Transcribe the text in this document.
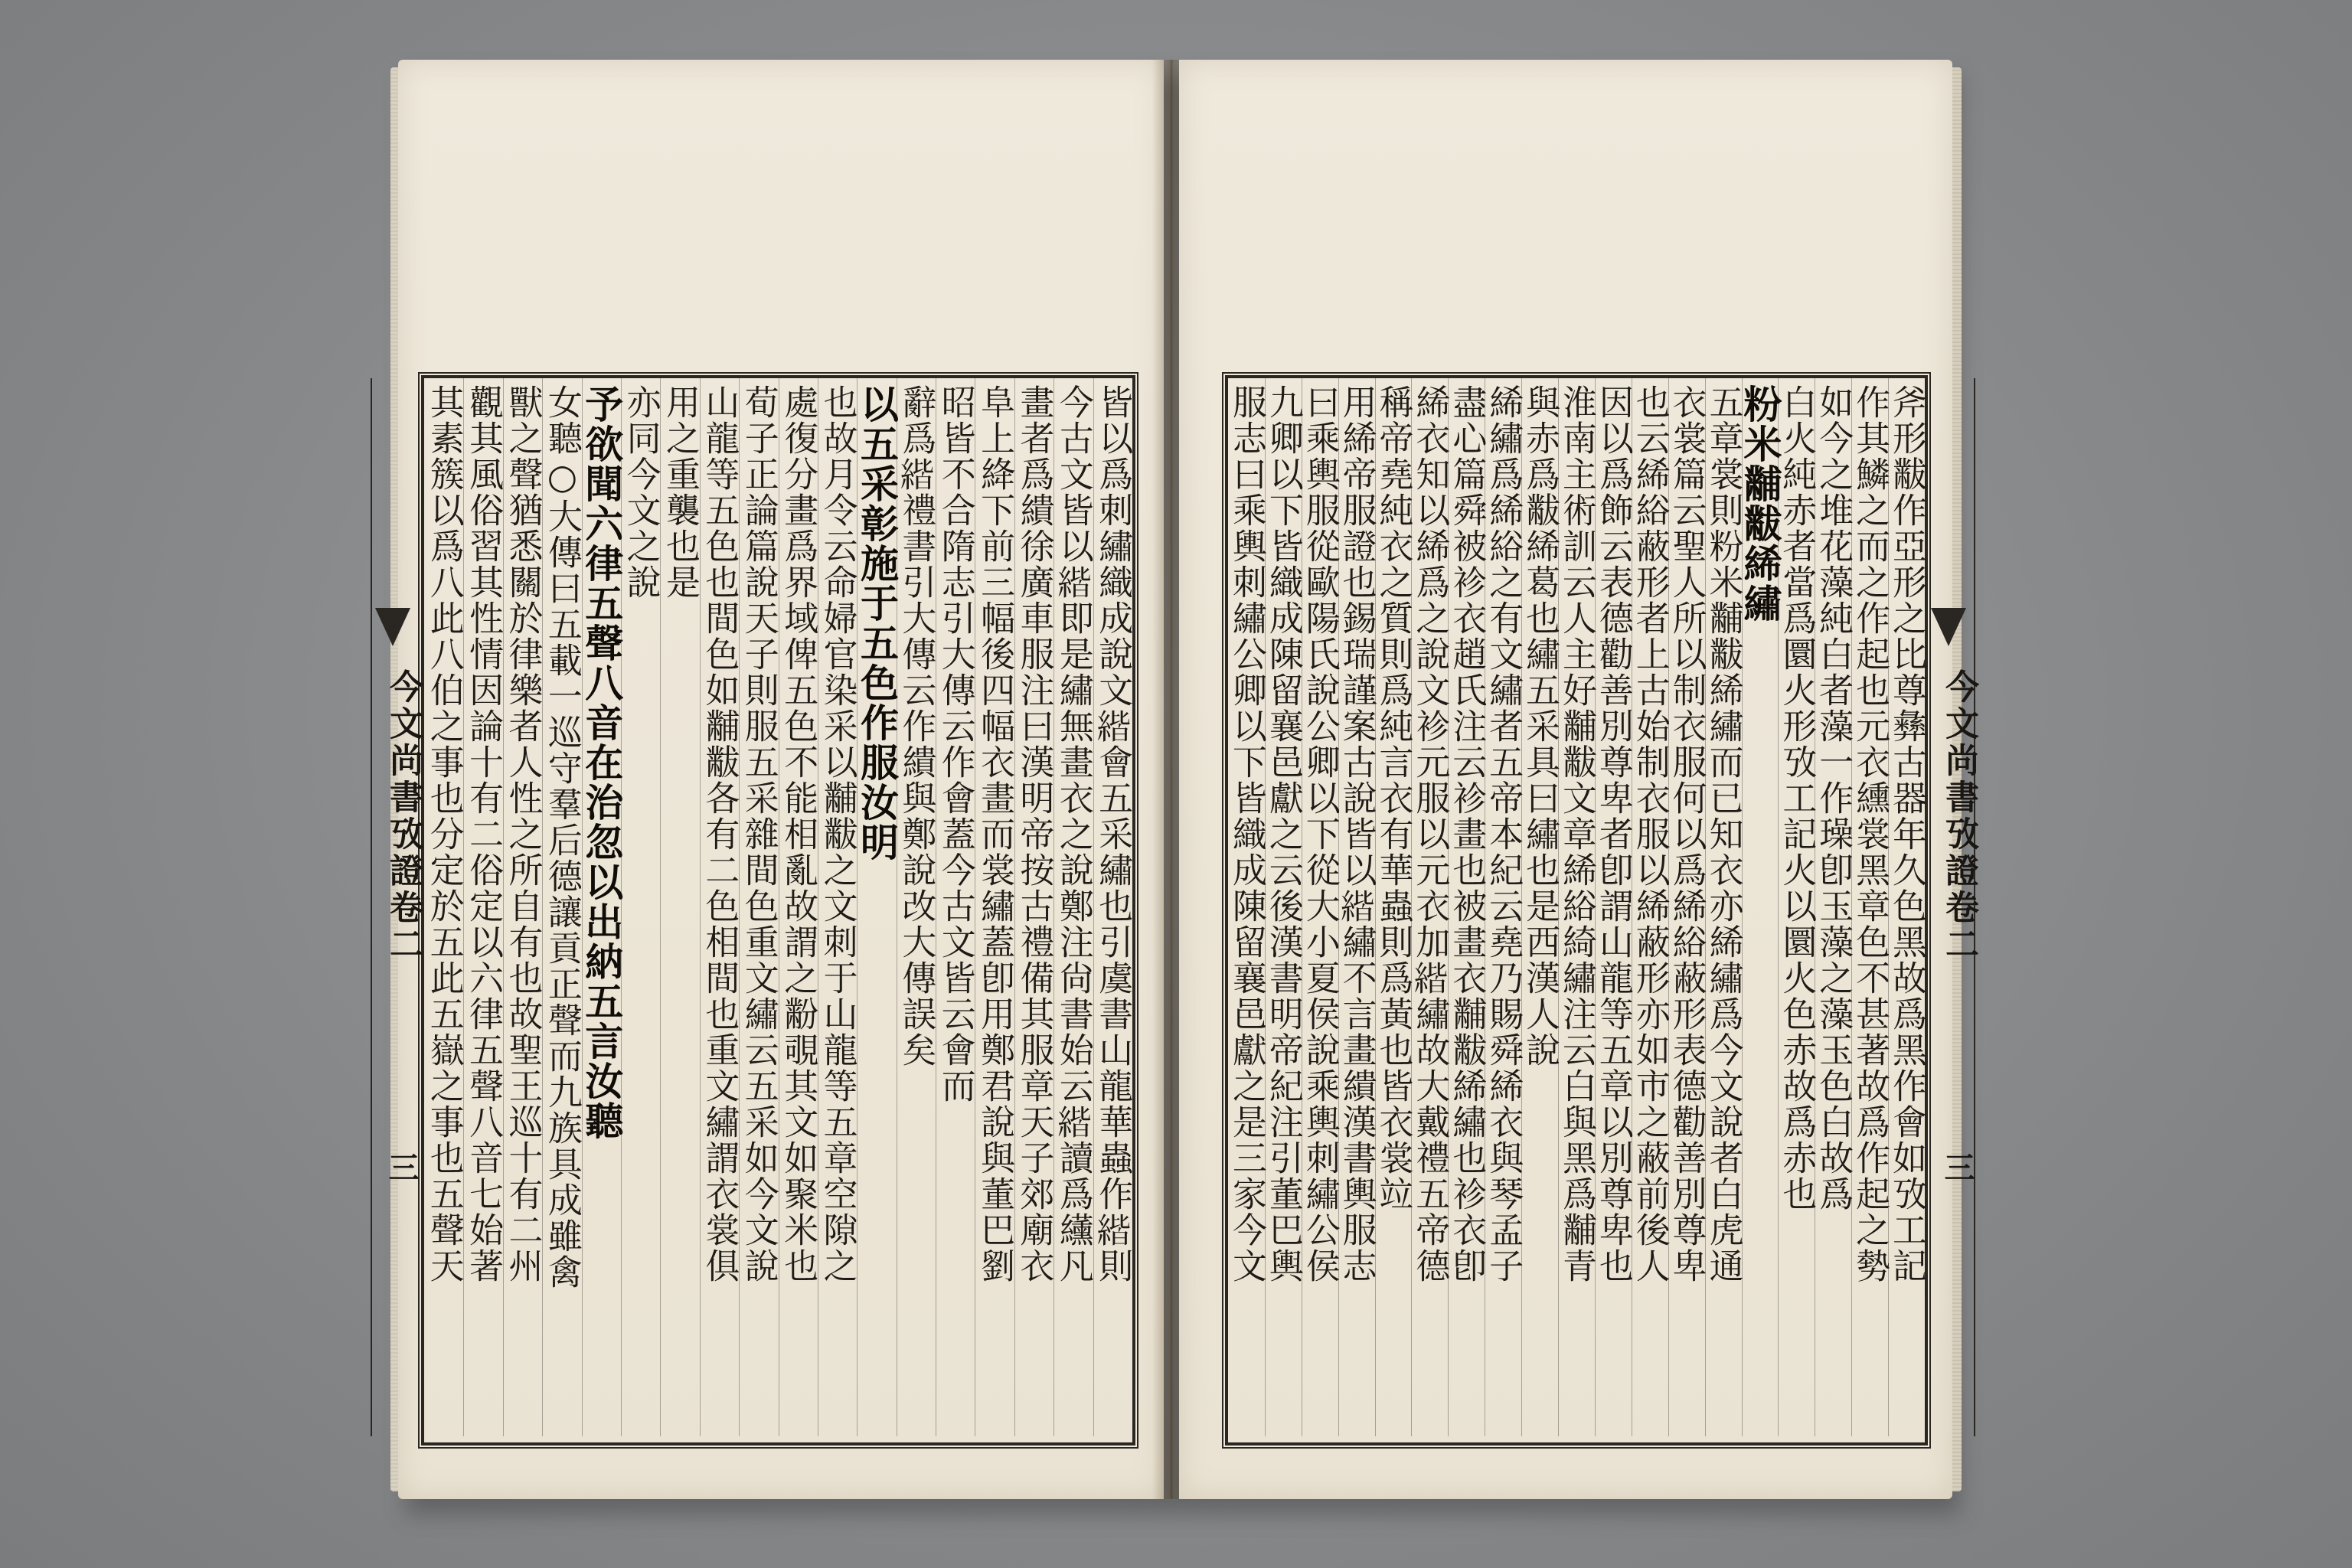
今文尚書攷證卷二
三	皆以爲刺繡織成說文𦂄會五采繡也引虞書山龍華蟲作𦂄則
今古文皆以𦂄即是繡無畫衣之說鄭注尙書始云𦂄讀爲䌲凡
畫者爲繢徐廣車服注曰漢明帝按古禮備其服章天子郊廟衣
阜上絳下前三幅後四幅衣畫而裳繡蓋卽用鄭君說與董巴劉
昭皆不合隋志引大傳云作會蓋今古文皆云會而
辭爲𦂄禮書引大傳云作繢與鄭說改大傳誤矣
以五采彰施于五色作服汝明
也故月令云命婦官染采以黼黻之文刺于山龍等五章空隙之
處復分畫爲界域俾五色不能相亂故謂之黺覗其文如聚米也
荀子正論篇說天子則服五采雜間色重文繡云五采如今文說
山龍等五色也間色如黼黻各有二色相間也重文繡謂衣裳俱
用之重襲也是
亦同今文之說
予欲聞六律五聲八音在治忽以出納五言汝聽
女聽○大傳曰五載一巡守羣后德讓貢正聲而九族具成雖禽
獸之聲猶悉關於律樂者人性之所自有也故聖王巡十有二州
觀其風俗習其性情因論十有二俗定以六律五聲八音七始著
其素簇以爲八此八伯之事也分定於五此五嶽之事也五聲天	今文尚書攷證卷二
三
斧形黻作亞形之比尊彝古器年久色黑故爲黑作會如攷工記
作其鱗之而之作起也元衣纁裳黑章色不甚著故爲作起之勢
如今之堆花藻純白者藻一作璪卽玉藻之藻玉色白故爲
白火純赤者當爲圜火形攷工記火以圜火色赤故爲赤也
粉米黼黻絺繡
五章裳則粉米黼黻絺繡而已知衣亦絺繡爲今文說者白虎通
衣裳篇云聖人所以制衣服何以爲絺綌蔽形表德勸善別尊卑
也云絺綌蔽形者上古始制衣服以絺蔽形亦如市之蔽前後人
因以爲飾云表德勸善別尊卑者卽謂山龍等五章以別尊卑也
淮南主術訓云人主好黼黻文章絺綌綺繡注云白與黑爲黼青
與赤爲黻絺葛也繡五采具曰繡也是西漢人說
絺繡爲絺綌之有文繡者五帝本紀云堯乃賜舜絺衣與琴孟子
盡心篇舜被袗衣趙氏注云袗畫也被畫衣黼黻絺繡也袗衣卽
絺衣知以絺爲之說文袗元服以元衣加𦂄繡故大戴禮五帝德
稱帝堯純衣之質則爲純言衣有華蟲則爲黃也皆衣裳竝
用絺帝服證也錫瑞謹案古說皆以𦂄繡不言畫繢漢書輿服志
曰乘輿服從歐陽氏說公卿以下從大小夏侯說乘輿刺繡公侯
九卿以下皆織成陳留襄邑獻之云後漢書明帝紀注引董巴輿
服志曰乘輿刺繡公卿以下皆織成陳留襄邑獻之是三家今文
